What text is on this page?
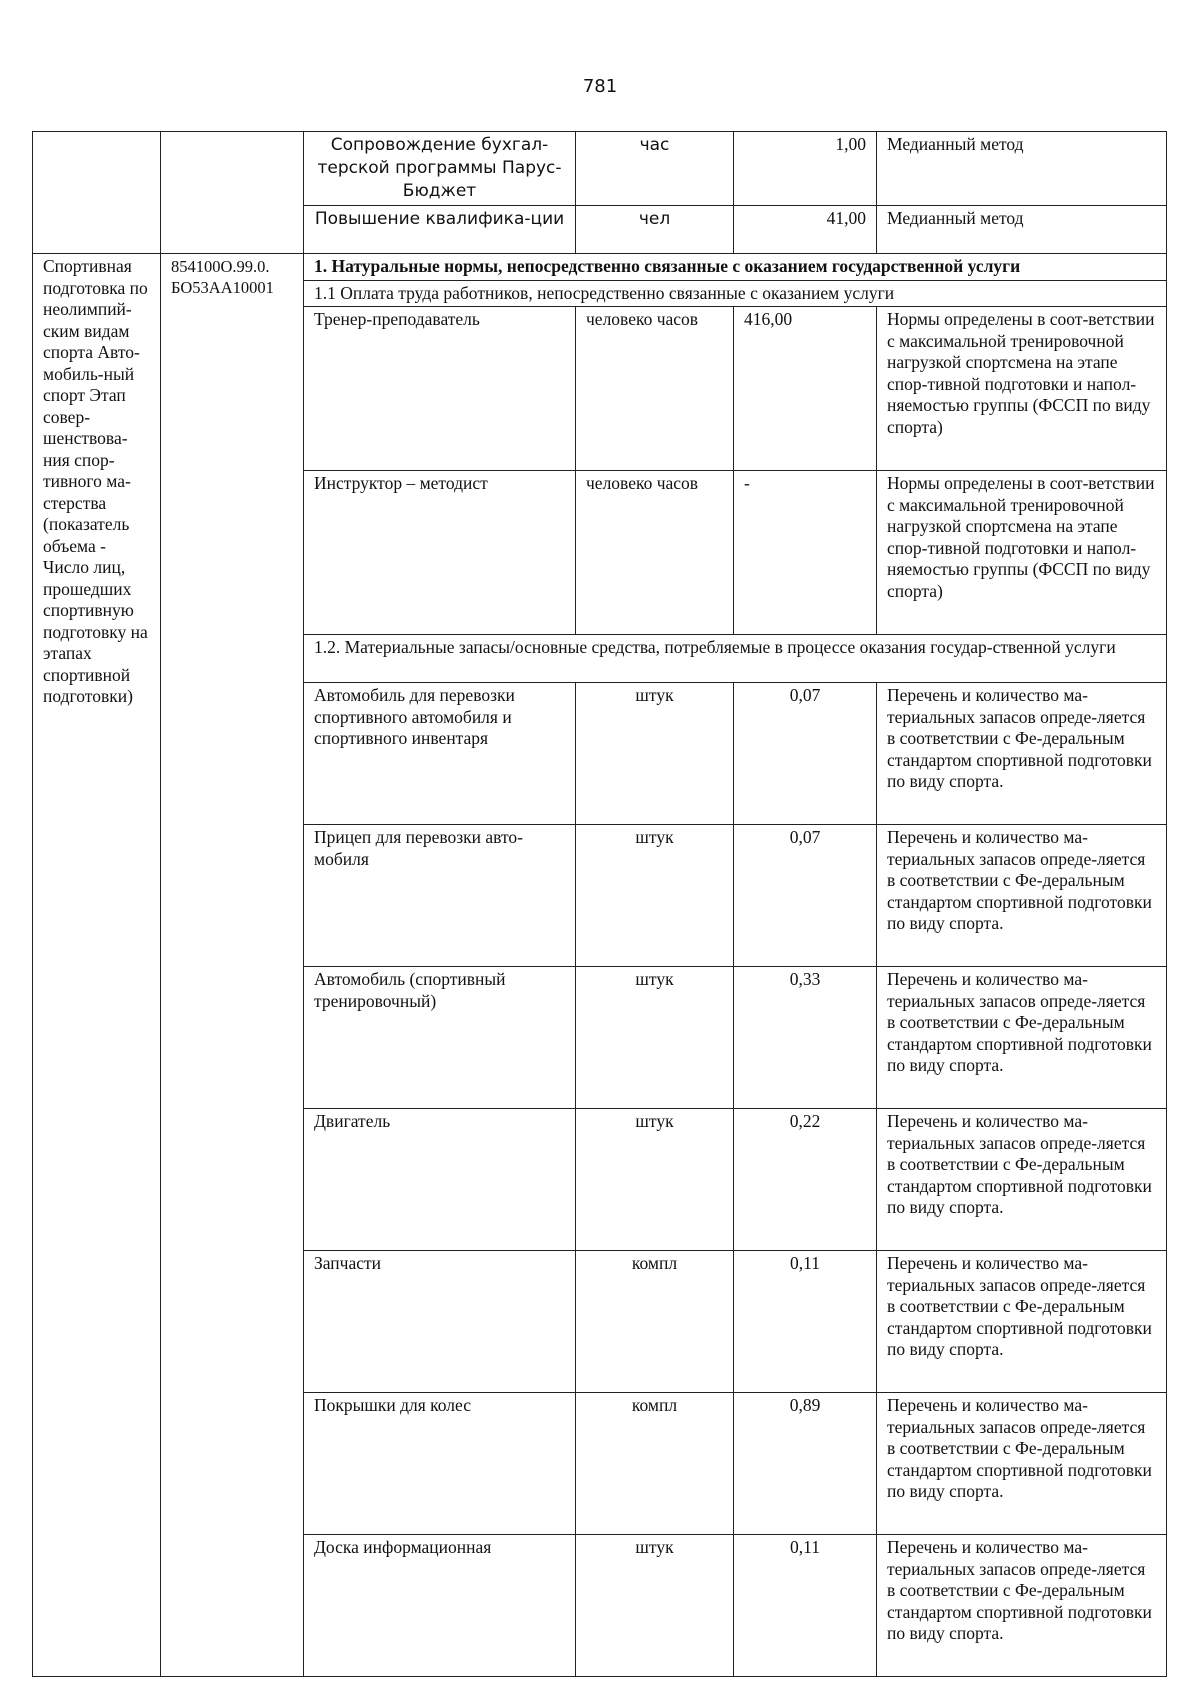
781
		Сопровождение бухгал-терской программы Парус-Бюджет	час	1,00	Медианный метод
		Повышение квалифика-ции	чел	41,00	Медианный метод
Спортивная подготовка по неолимпий-ским видам спорта Авто-мобиль-ный спорт Этап совер-шенствова-ния спор-тивного ма-стерства (показатель объема - Число лиц, прошедших спортивную подготовку на этапах спортивной подготовки)	854100О.99.0. БО53АА10001	1. Натуральные нормы, непосредственно связанные с оказанием государственной услуги			
		1.1 Оплата труда работников, непосредственно связанные с оказанием услуги			
		Тренер-преподаватель	человеко часов	416,00	Нормы определены в соот-ветствии с максимальной тренировочной нагрузкой спортсмена на этапе спор-тивной подготовки и напол-няемостью группы (ФССП по виду спорта)
		Инструктор – методист	человеко часов	-	Нормы определены в соот-ветствии с максимальной тренировочной нагрузкой спортсмена на этапе спор-тивной подготовки и напол-няемостью группы (ФССП по виду спорта)
		1.2. Материальные запасы/основные средства, потребляемые в процессе оказания государ-ственной услуги			
		Автомобиль для перевозки спортивного автомобиля и спортивного инвентаря	штук	0,07	Перечень и количество ма-териальных запасов опреде-ляется в соответствии с Фе-деральным стандартом спортивной подготовки по виду спорта.
		Прицеп для перевозки авто-мобиля	штук	0,07	Перечень и количество ма-териальных запасов опреде-ляется в соответствии с Фе-деральным стандартом спортивной подготовки по виду спорта.
		Автомобиль (спортивный тренировочный)	штук	0,33	Перечень и количество ма-териальных запасов опреде-ляется в соответствии с Фе-деральным стандартом спортивной подготовки по виду спорта.
		Двигатель	штук	0,22	Перечень и количество ма-териальных запасов опреде-ляется в соответствии с Фе-деральным стандартом спортивной подготовки по виду спорта.
		Запчасти	компл	0,11	Перечень и количество ма-териальных запасов опреде-ляется в соответствии с Фе-деральным стандартом спортивной подготовки по виду спорта.
		Покрышки для колес	компл	0,89	Перечень и количество ма-териальных запасов опреде-ляется в соответствии с Фе-деральным стандартом спортивной подготовки по виду спорта.
		Доска информационная	штук	0,11	Перечень и количество ма-териальных запасов опреде-ляется в соответствии с Фе-деральным стандартом спортивной подготовки по виду спорта.
